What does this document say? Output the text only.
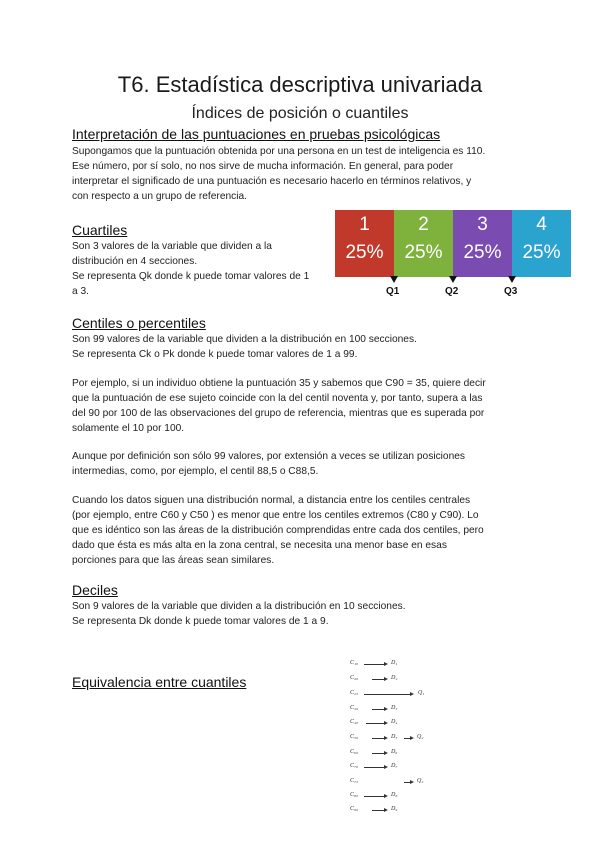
T6. Estadística descriptiva univariada
Índices de posición o cuantiles
Interpretación de las puntuaciones en pruebas psicológicas

Supongamos que la puntuación obtenida por una persona en un test de inteligencia es 110.

Ese número, por sí solo, no nos sirve de mucha información. En general, para poder

interpretar el significado de una puntuación es necesario hacerlo en términos relativos, y

con respecto a un grupo de referencia.

Cuartiles

Son 3 valores de la variable que dividen a la

distribución en 4 secciones.

Se representa Qk donde k puede tomar valores de 1

a 3.

1
25%
2
25%
3
25%
4
25%
Q1	Q2	Q3
Centiles o percentiles

Son 99 valores de la variable que dividen a la distribución en 100 secciones.

Se representa Ck o Pk donde k puede tomar valores de 1 a 99.

Por ejemplo, si un individuo obtiene la puntuación 35 y sabemos que C90 = 35, quiere decir

que la puntuación de ese sujeto coincide con la del centil noventa y, por tanto, supera a las

del 90 por 100 de las observaciones del grupo de referencia, mientras que es superada por

solamente el 10 por 100.

Aunque por definición son sólo 99 valores, por extensión a veces se utilizan posiciones

intermedias, como, por ejemplo, el centil 88,5 o C88,5.

Cuando los datos siguen una distribución normal, a distancia entre los centiles centrales

(por ejemplo, entre C60 y C50 ) es menor que entre los centiles extremos (C80 y C90). Lo

que es idéntico son las áreas de la distribución comprendidas entre cada dos centiles, pero

dado que ésta es más alta en la zona central, se necesita una menor base en esas

porciones para que las áreas sean similares.

Deciles

Son 9 valores de la variable que dividen a la distribución en 10 secciones.

Se representa Dk donde k puede tomar valores de 1 a 9.

Equivalencia entre cuantiles
C₁₀	D₁
C₂₀	D₂
C₂₅	Q₁
C₃₀	D₃
C₄₀	D₄
C₅₀	D₅	Q₂
C₆₀	D₆
C₇₀	D₇
C₇₅	Q₃
C₈₀	D₈
C₉₀	D₉
